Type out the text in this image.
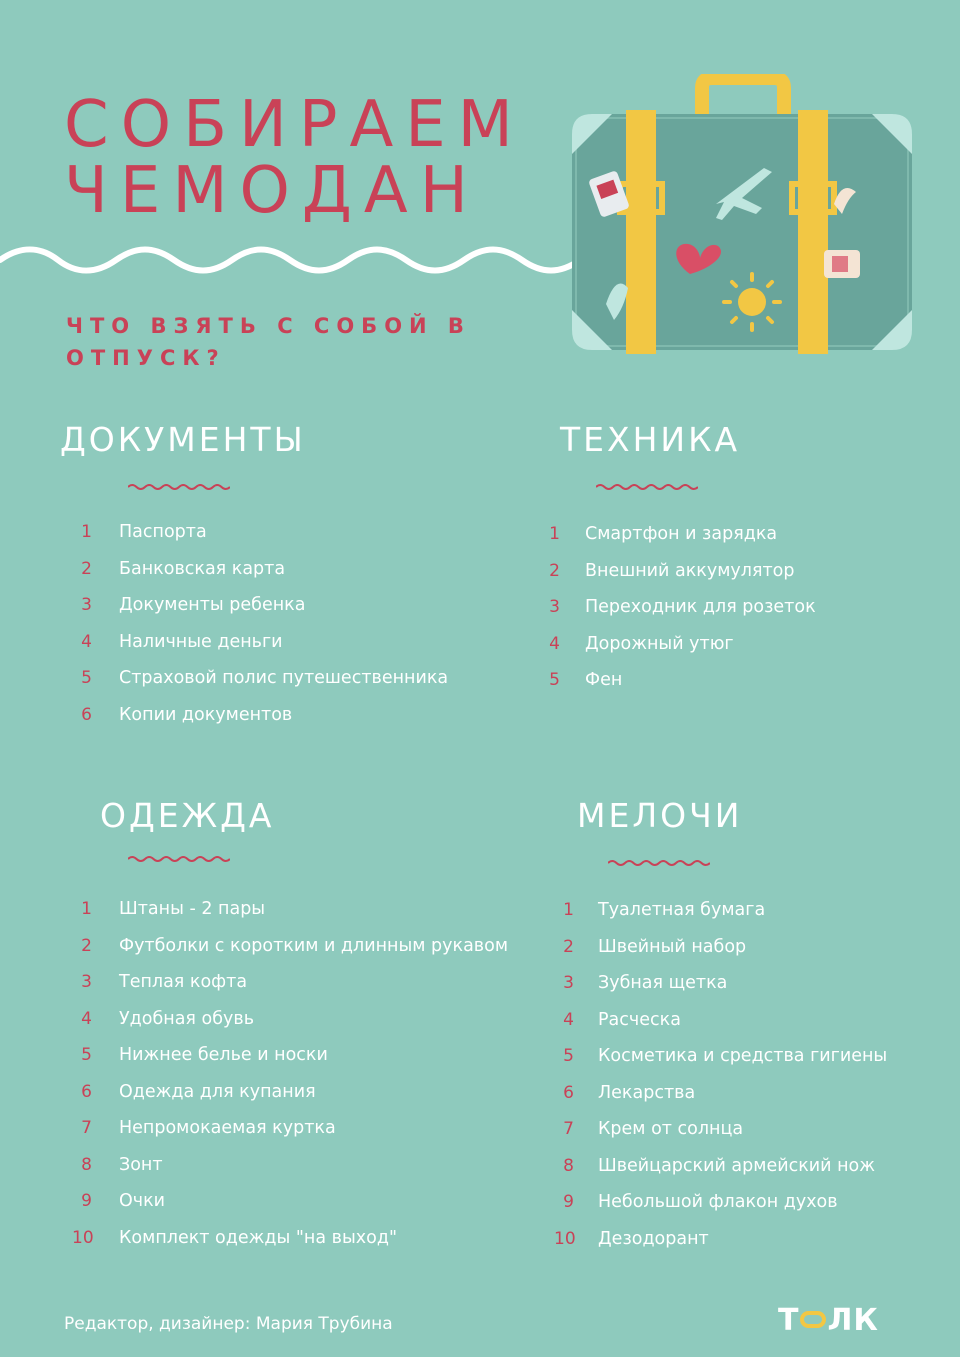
СОБИРАЕМ
ЧЕМОДАН
ЧТО ВЗЯТЬ С СОБОЙ В ОТПУСК?
ДОКУМЕНТЫ
1 Паспорта
2 Банковская карта
3 Документы ребенка
4 Наличные деньги
5 Страховой полис путешественника
6 Копии документов
ТЕХНИКА
1 Смартфон и зарядка
2 Внешний аккумулятор
3 Переходник для розеток
4 Дорожный утюг
5 Фен
ОДЕЖДА
1 Штаны - 2 пары
2 Футболки с коротким и длинным рукавом
3 Теплая кофта
4 Удобная обувь
5 Нижнее белье и носки
6 Одежда для купания
7 Непромокаемая куртка
8 Зонт
9 Очки
10 Комплект одежды "на выход"
МЕЛОЧИ
1 Туалетная бумага
2 Швейный набор
3 Зубная щетка
4 Расческа
5 Косметика и средства гигиены
6 Лекарства
7 Крем от солнца
8 Швейцарский армейский нож
9 Небольшой флакон духов
10 Дезодорант
Редактор, дизайнер: Мария Трубина	Т ЛК
